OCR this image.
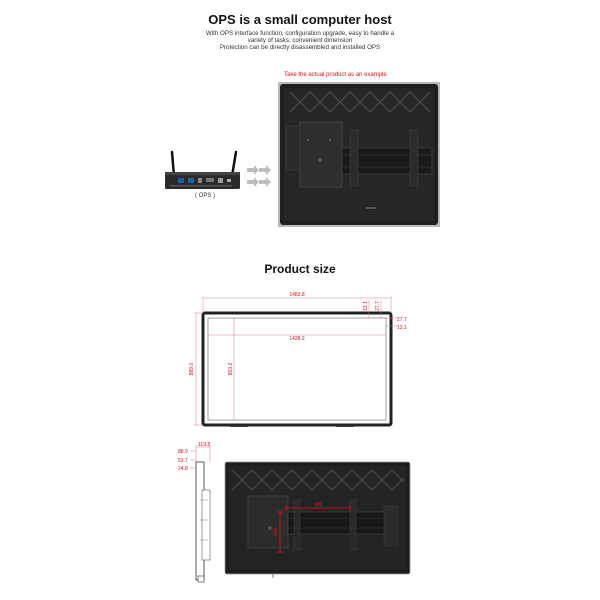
OPS is a small computer host
With OPS interface function, configuration upgrade, easy to handle a
variety of tasks, convenient dimension
Protection can be directly disassembled and installed OPS
Take the actual product as an example
( OPS )
Product size
1483.8
1428.2
889.0	803.2
13.1 27.7
27.7
13.1
119.8
88.9
53.7
24.8
600
400
